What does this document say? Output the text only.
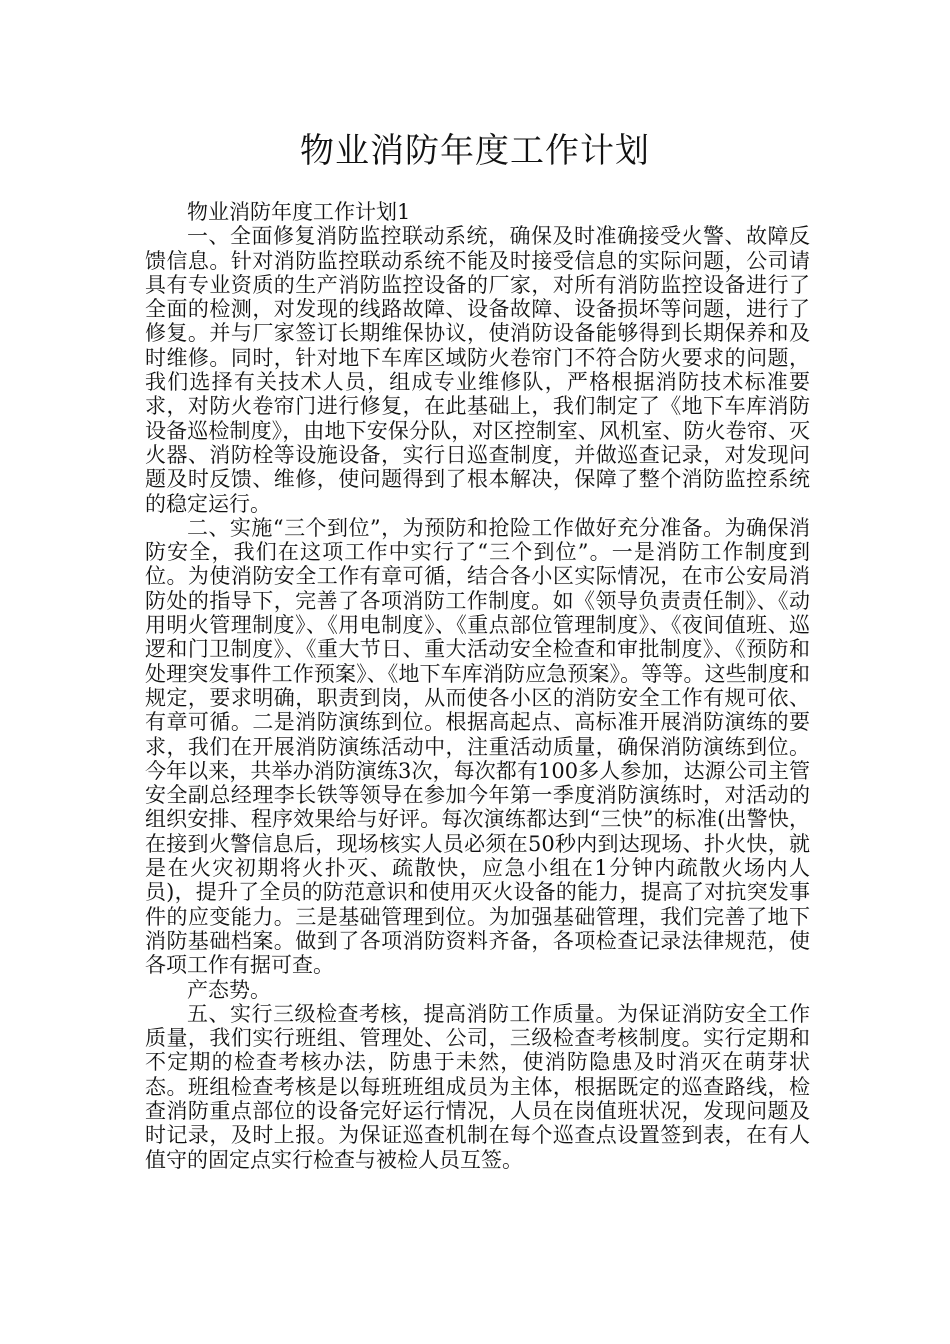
物业消防年度工作计划

物业消防年度工作计划1

一、全面修复消防监控联动系统，确保及时准确接受火警、故障反馈信息。针对消防监控联动系统不能及时接受信息的实际问题，公司请具有专业资质的生产消防监控设备的厂家，对所有消防监控设备进行了全面的检测，对发现的线路故障、设备故障、设备损坏等问题，进行了修复。并与厂家签订长期维保协议，使消防设备能够得到长期保养和及时维修。同时，针对地下车库区域防火卷帘门不符合防火要求的问题，我们选择有关技术人员，组成专业维修队，严格根据消防技术标准要求，对防火卷帘门进行修复，在此基础上，我们制定了《地下车库消防设备巡检制度》，由地下安保分队，对区控制室、风机室、防火卷帘、灭火器、消防栓等设施设备，实行日巡查制度，并做巡查记录，对发现问题及时反馈、维修，使问题得到了根本解决，保障了整个消防监控系统的稳定运行。

二、实施“三个到位”，为预防和抢险工作做好充分准备。为确保消防安全，我们在这项工作中实行了“三个到位”。一是消防工作制度到位。为使消防安全工作有章可循，结合各小区实际情况，在市公安局消防处的指导下，完善了各项消防工作制度。如《领导负责责任制》、《动用明火管理制度》、《用电制度》、《重点部位管理制度》、《夜间值班、巡逻和门卫制度》、《重大节日、重大活动安全检查和审批制度》、《预防和处理突发事件工作预案》、《地下车库消防应急预案》。等等。这些制度和规定，要求明确，职责到岗，从而使各小区的消防安全工作有规可依、有章可循。二是消防演练到位。根据高起点、高标准开展消防演练的要求，我们在开展消防演练活动中，注重活动质量，确保消防演练到位。今年以来，共举办消防演练3次，每次都有100多人参加，达源公司主管安全副总经理李长铁等领导在参加今年第一季度消防演练时，对活动的组织安排、程序效果给与好评。每次演练都达到“三快”的标准(出警快，在接到火警信息后，现场核实人员必须在50秒内到达现场、扑火快，就是在火灾初期将火扑灭、疏散快，应急小组在1分钟内疏散火场内人员)，提升了全员的防范意识和使用灭火设备的能力，提高了对抗突发事件的应变能力。三是基础管理到位。为加强基础管理，我们完善了地下消防基础档案。做到了各项消防资料齐备，各项检查记录法律规范，使各项工作有据可查。

产态势。

五、实行三级检查考核，提高消防工作质量。为保证消防安全工作质量，我们实行班组、管理处、公司，三级检查考核制度。实行定期和不定期的检查考核办法，防患于未然，使消防隐患及时消灭在萌芽状态。班组检查考核是以每班班组成员为主体，根据既定的巡查路线，检查消防重点部位的设备完好运行情况，人员在岗值班状况，发现问题及时记录，及时上报。为保证巡查机制在每个巡查点设置签到表，在有人值守的固定点实行检查与被检人员互签。
